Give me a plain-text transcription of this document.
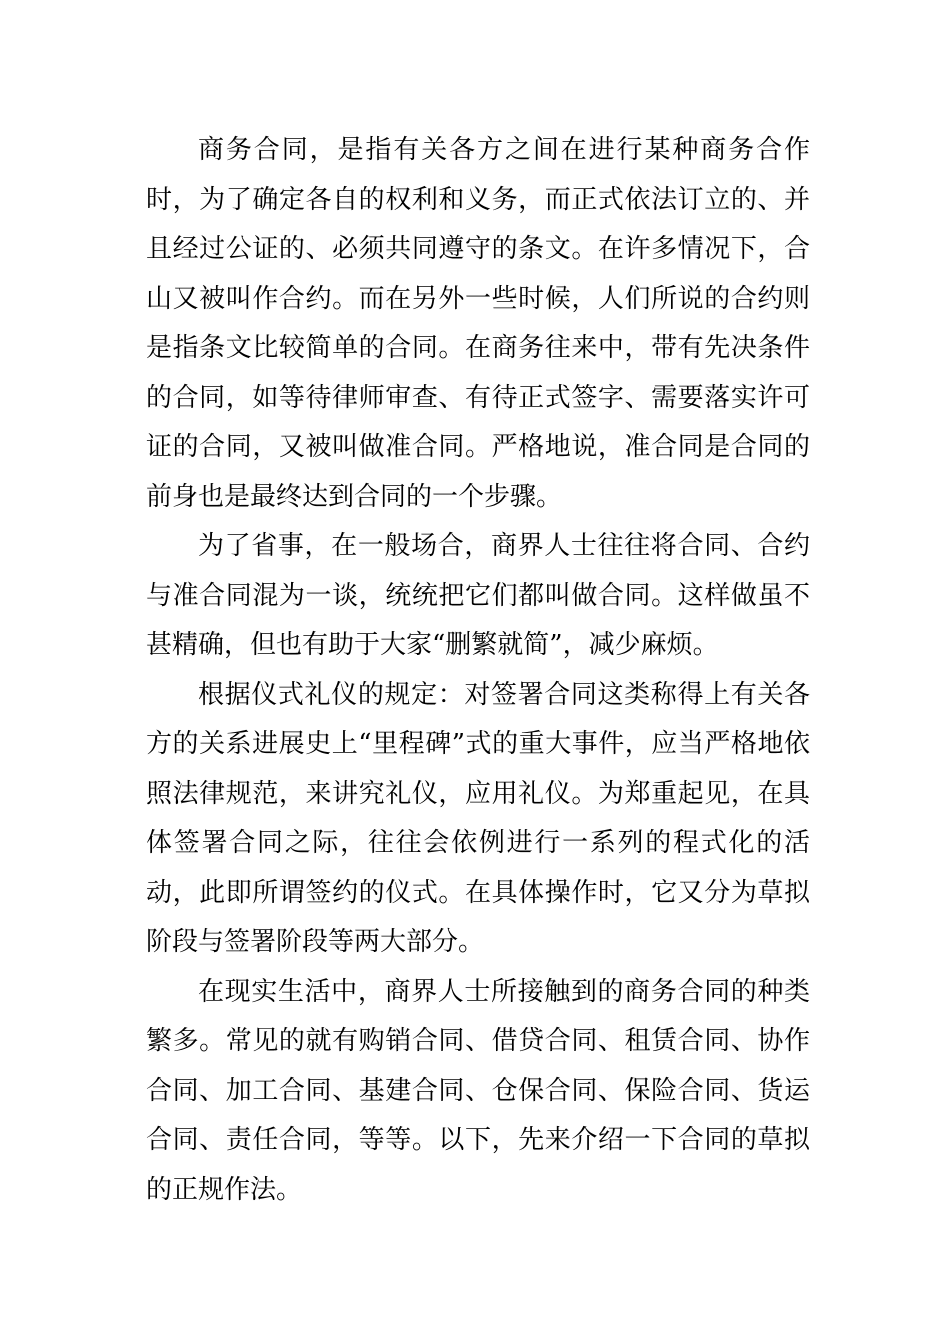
商务合同，是指有关各方之间在进行某种商务合作时，为了确定各自的权利和义务，而正式依法订立的、并且经过公证的、必须共同遵守的条文。在许多情况下，合山又被叫作合约。而在另外一些时候，人们所说的合约则是指条文比较简单的合同。在商务往来中，带有先决条件的合同，如等待律师审查、有待正式签字、需要落实许可证的合同，又被叫做准合同。严格地说，准合同是合同的前身也是最终达到合同的一个步骤。

为了省事，在一般场合，商界人士往往将合同、合约与准合同混为一谈，统统把它们都叫做合同。这样做虽不甚精确，但也有助于大家“删繁就简”，减少麻烦。

根据仪式礼仪的规定：对签署合同这类称得上有关各方的关系进展史上“里程碑”式的重大事件，应当严格地依照法律规范，来讲究礼仪，应用礼仪。为郑重起见，在具体签署合同之际，往往会依例进行一系列的程式化的活动，此即所谓签约的仪式。在具体操作时，它又分为草拟阶段与签署阶段等两大部分。

在现实生活中，商界人士所接触到的商务合同的种类繁多。常见的就有购销合同、借贷合同、租赁合同、协作合同、加工合同、基建合同、仓保合同、保险合同、货运合同、责任合同，等等。以下，先来介绍一下合同的草拟的正规作法。
